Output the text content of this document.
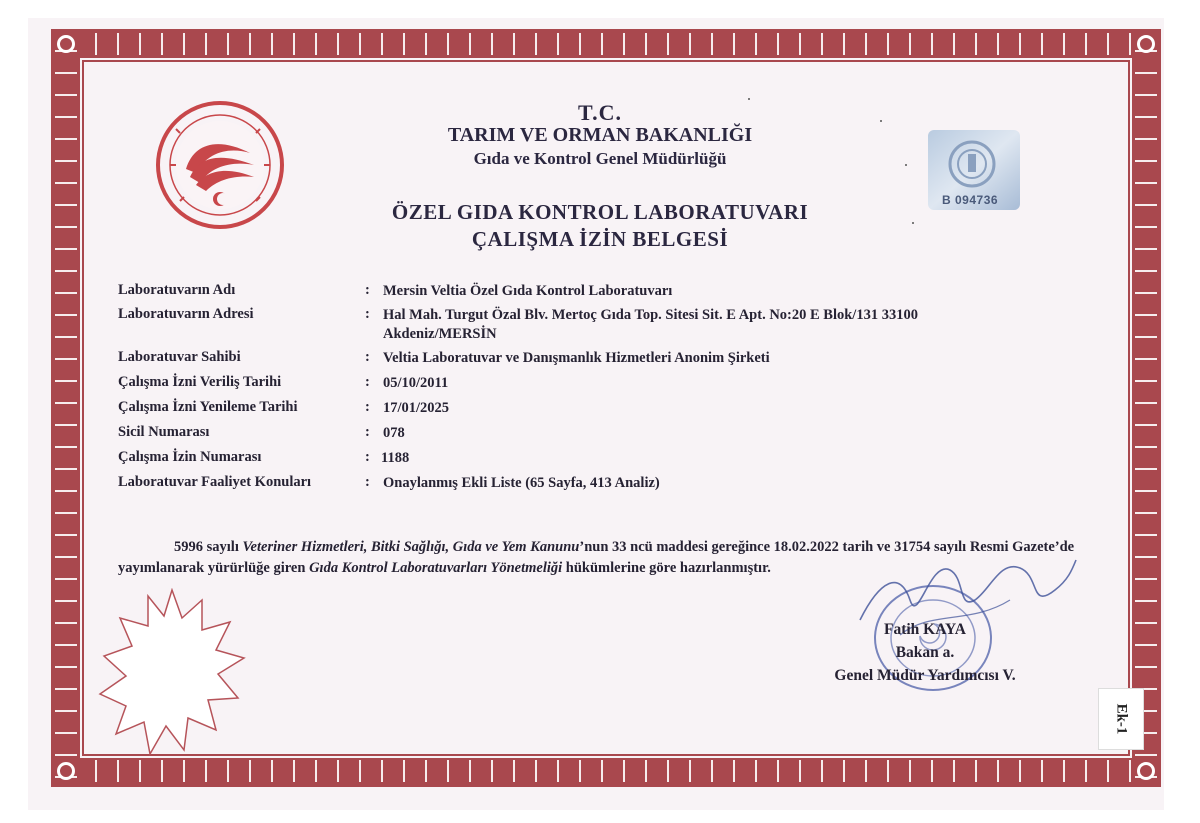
B 094736
T.C.
TARIM VE ORMAN BAKANLIĞI
Gıda ve Kontrol Genel Müdürlüğü
ÖZEL GIDA KONTROL LABORATUVARI
ÇALIŞMA İZİN BELGESİ
Laboratuvarın Adı	: Mersin Veltia Özel Gıda Kontrol Laboratuvarı
Laboratuvarın Adresi	: Hal Mah. Turgut Özal Blv. Mertoç Gıda Top. Sitesi Sit. E Apt. No:20 E Blok/131 33100 Akdeniz/MERSİN
Laboratuvar Sahibi	: Veltia Laboratuvar ve Danışmanlık Hizmetleri Anonim Şirketi
Çalışma İzni Veriliş Tarihi	: 05/10/2011
Çalışma İzni Yenileme Tarihi	: 17/01/2025
Sicil Numarası	: 078
Çalışma İzin Numarası	: 1188
Laboratuvar Faaliyet Konuları	: Onaylanmış Ekli Liste (65 Sayfa, 413 Analiz)
5996 sayılı Veteriner Hizmetleri, Bitki Sağlığı, Gıda ve Yem Kanunu’nun 33 ncü maddesi gereğince 18.02.2022 tarih ve 31754 sayılı Resmi Gazete’de yayımlanarak yürürlüğe giren Gıda Kontrol Laboratuvarları Yönetmeliği hükümlerine göre hazırlanmıştır.
Fatih KAYA
Bakan a.
Genel Müdür Yardımcısı V.
Ek-1
